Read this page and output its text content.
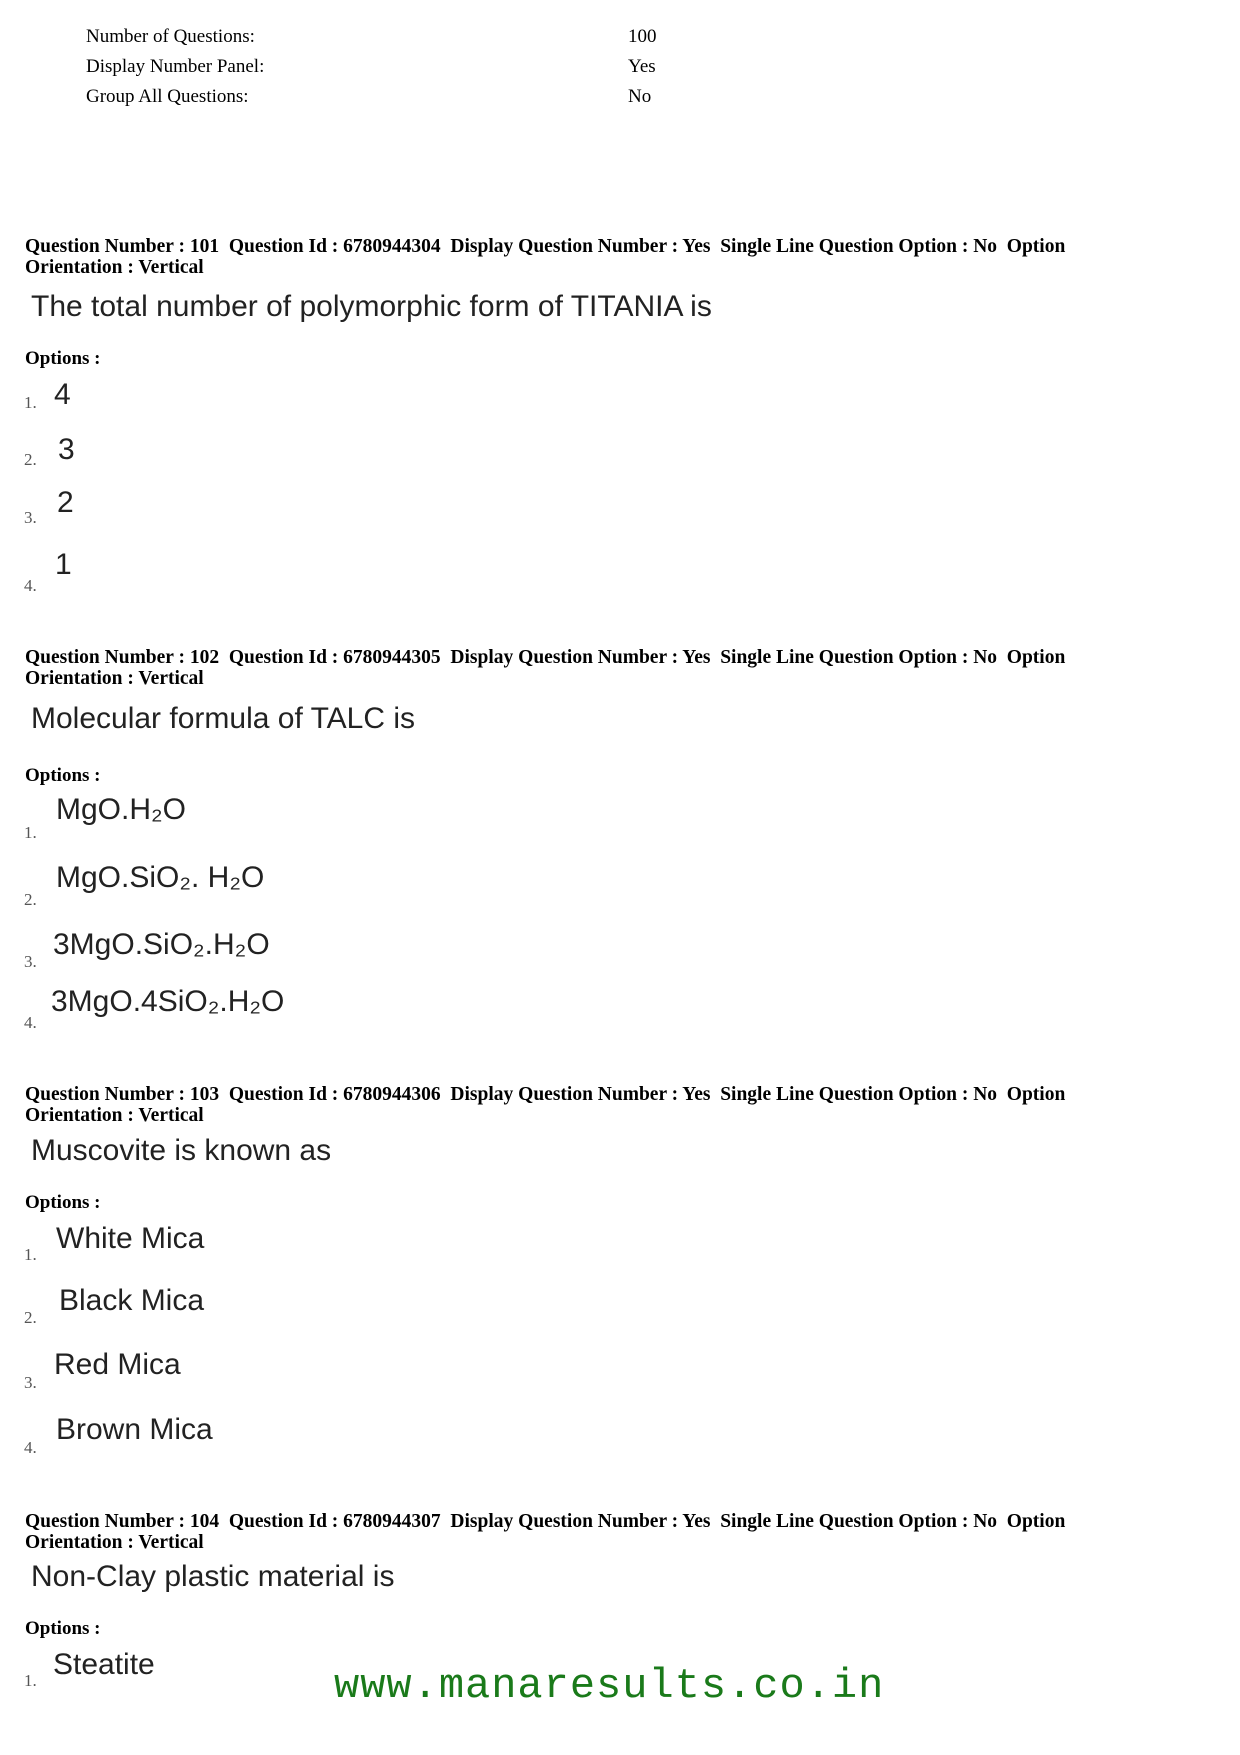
Number of Questions:	100
Display Number Panel:	Yes
Group All Questions:	No
Question Number : 101  Question Id : 6780944304  Display Question Number : Yes  Single Line Question Option : No  Option
Orientation : Vertical
The total number of polymorphic form of TITANIA is
Options :
1. 4
2. 3
3. 2
4.
1
Question Number : 102  Question Id : 6780944305  Display Question Number : Yes  Single Line Question Option : No  Option
Orientation : Vertical
Molecular formula of TALC is
Options :
1.
MgO.H₂O
2.
MgO.SiO₂. H₂O
3.
3MgO.SiO₂.H₂O
4.
3MgO.4SiO₂.H₂O
Question Number : 103  Question Id : 6780944306  Display Question Number : Yes  Single Line Question Option : No  Option
Orientation : Vertical
Muscovite is known as
Options :
1. White Mica
2.
Black Mica
3.
Red Mica
4.
Brown Mica
Question Number : 104  Question Id : 6780944307  Display Question Number : Yes  Single Line Question Option : No  Option
Orientation : Vertical
Non-Clay plastic material is
Options :
1. Steatite	www.manaresults.co.in
